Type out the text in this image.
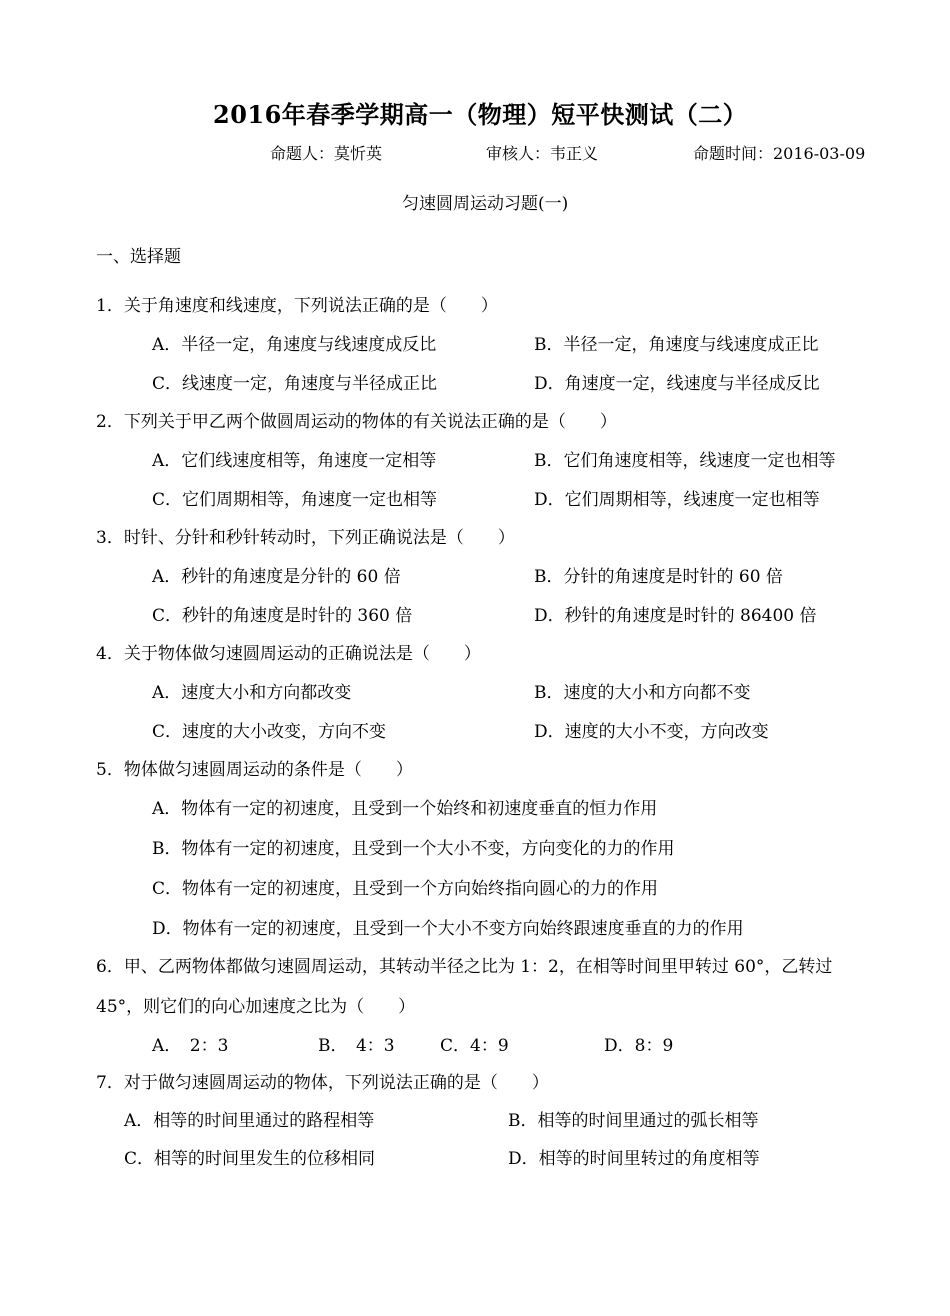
2016年春季学期高一（物理）短平快测试（二）
命题人：莫忻英	审核人：韦正义	命题时间：2016-03-09
匀速圆周运动习题(一)
一、选择题
1．关于角速度和线速度，下列说法正确的是（　　）
A．半径一定，角速度与线速度成反比	B．半径一定，角速度与线速度成正比
C．线速度一定，角速度与半径成正比	D．角速度一定，线速度与半径成反比
2．下列关于甲乙两个做圆周运动的物体的有关说法正确的是（　　）
A．它们线速度相等，角速度一定相等	B．它们角速度相等，线速度一定也相等
C．它们周期相等，角速度一定也相等	D．它们周期相等，线速度一定也相等
3．时针、分针和秒针转动时，下列正确说法是（　　）
A．秒针的角速度是分针的 60 倍	B．分针的角速度是时针的 60 倍
C．秒针的角速度是时针的 360 倍	D．秒针的角速度是时针的 86400 倍
4．关于物体做匀速圆周运动的正确说法是（　　）
A．速度大小和方向都改变	B．速度的大小和方向都不变
C．速度的大小改变，方向不变	D．速度的大小不变，方向改变
5．物体做匀速圆周运动的条件是（　　）
A．物体有一定的初速度，且受到一个始终和初速度垂直的恒力作用
B．物体有一定的初速度，且受到一个大小不变，方向变化的力的作用
C．物体有一定的初速度，且受到一个方向始终指向圆心的力的作用
D．物体有一定的初速度，且受到一个大小不变方向始终跟速度垂直的力的作用
6．甲、乙两物体都做匀速圆周运动，其转动半径之比为 1：2，在相等时间里甲转过 60°，乙转过
45°，则它们的向心加速度之比为（　　）
A．　2：3	B．　4：3	C．4：9	D．8：9
7．对于做匀速圆周运动的物体，下列说法正确的是（　　）
A．相等的时间里通过的路程相等	B．相等的时间里通过的弧长相等
C．相等的时间里发生的位移相同	D．相等的时间里转过的角度相等
